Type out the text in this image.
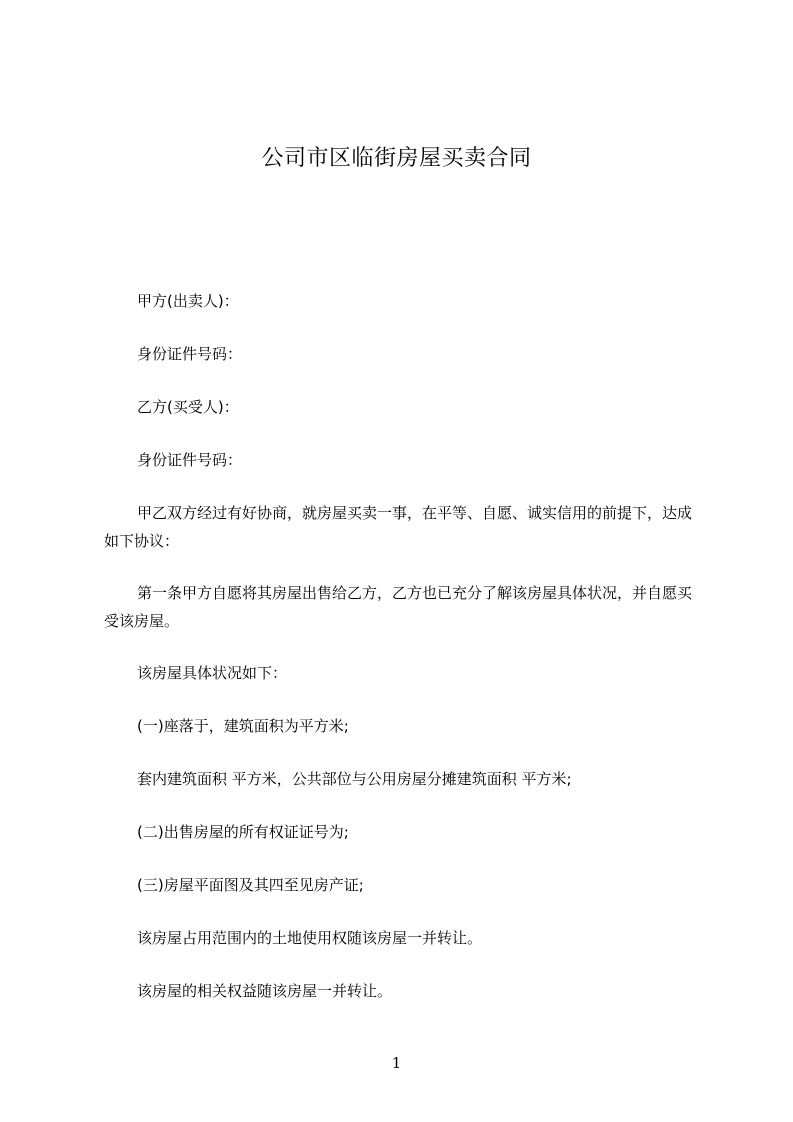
公司市区临街房屋买卖合同

甲方(出卖人)：

身份证件号码：

乙方(买受人)：

身份证件号码：

甲乙双方经过有好协商，就房屋买卖一事，在平等、自愿、诚实信用的前提下，达成如下协议：

第一条甲方自愿将其房屋出售给乙方，乙方也已充分了解该房屋具体状况，并自愿买受该房屋。

该房屋具体状况如下：

(一)座落于，建筑面积为平方米;

套内建筑面积 平方米，公共部位与公用房屋分摊建筑面积 平方米;

(二)出售房屋的所有权证证号为;

(三)房屋平面图及其四至见房产证;

该房屋占用范围内的土地使用权随该房屋一并转让。

该房屋的相关权益随该房屋一并转让。

1
